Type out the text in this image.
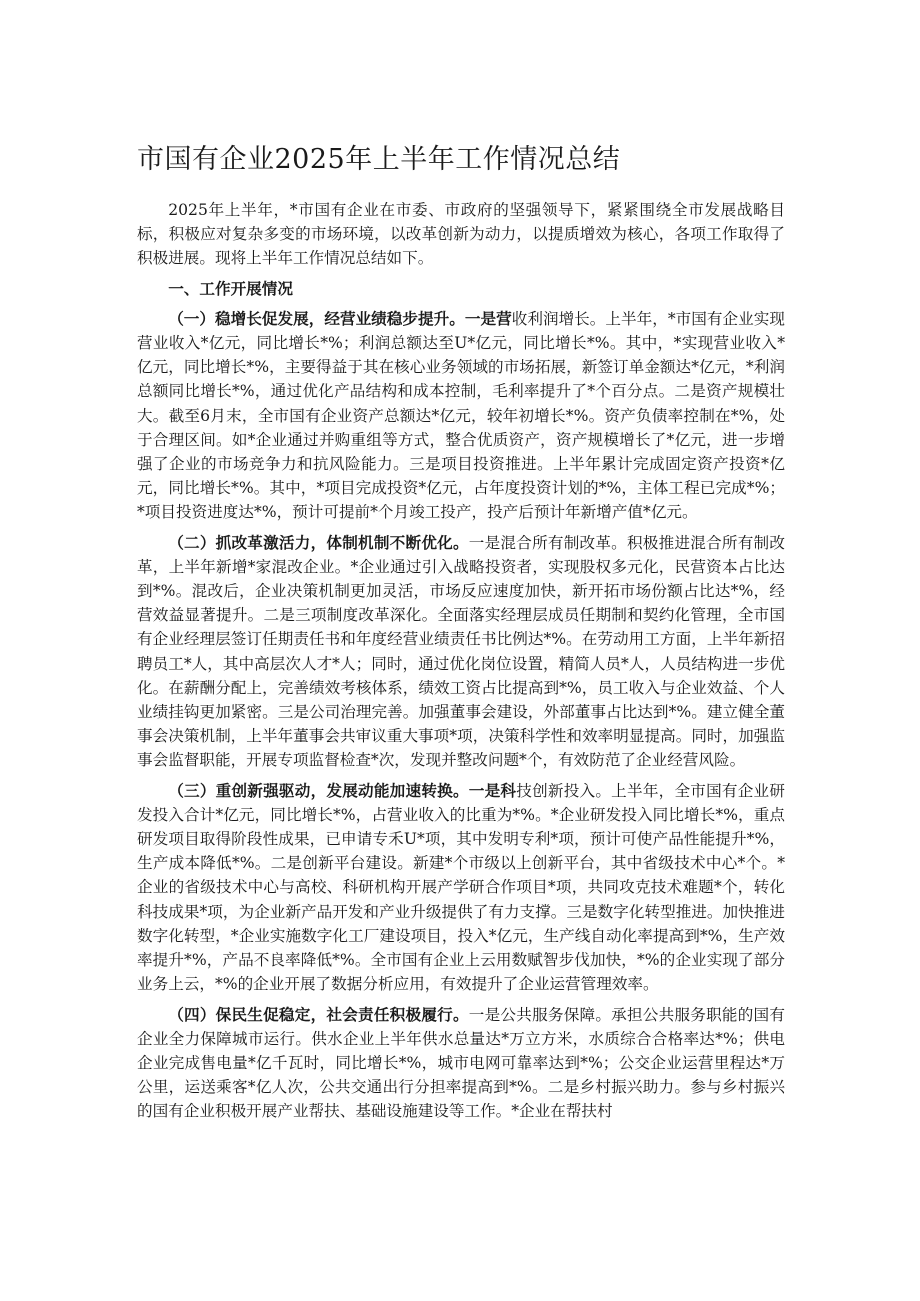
市国有企业2025年上半年工作情况总结

2025年上半年，*市国有企业在市委、市政府的坚强领导下，紧紧围绕全市发展战略目标，积极应对复杂多变的市场环境，以改革创新为动力，以提质增效为核心，各项工作取得了积极进展。现将上半年工作情况总结如下。

一、工作开展情况

（一）稳增长促发展，经营业绩稳步提升。一是营收利润增长。上半年，*市国有企业实现营业收入*亿元，同比增长*%；利润总额达至U*亿元，同比增长*%。其中，*实现营业收入*亿元，同比增长*%，主要得益于其在核心业务领域的市场拓展，新签订单金额达*亿元，*利润总额同比增长*%，通过优化产品结构和成本控制，毛利率提升了*个百分点。二是资产规模壮大。截至6月末，全市国有企业资产总额达*亿元，较年初增长*%。资产负债率控制在*%，处于合理区间。如*企业通过并购重组等方式，整合优质资产，资产规模增长了*亿元，进一步增强了企业的市场竞争力和抗风险能力。三是项目投资推进。上半年累计完成固定资产投资*亿元，同比增长*%。其中，*项目完成投资*亿元，占年度投资计划的*%，主体工程已完成*%；*项目投资进度达*%，预计可提前*个月竣工投产，投产后预计年新增产值*亿元。

（二）抓改革激活力，体制机制不断优化。一是混合所有制改革。积极推进混合所有制改革，上半年新增*家混改企业。*企业通过引入战略投资者，实现股权多元化，民营资本占比达到*%。混改后，企业决策机制更加灵活，市场反应速度加快，新开拓市场份额占比达*%，经营效益显著提升。二是三项制度改革深化。全面落实经理层成员任期制和契约化管理，全市国有企业经理层签订任期责任书和年度经营业绩责任书比例达*%。在劳动用工方面，上半年新招聘员工*人，其中高层次人才*人；同时，通过优化岗位设置，精简人员*人，人员结构进一步优化。在薪酬分配上，完善绩效考核体系，绩效工资占比提高到*%，员工收入与企业效益、个人业绩挂钩更加紧密。三是公司治理完善。加强董事会建设，外部董事占比达到*%。建立健全董事会决策机制，上半年董事会共审议重大事项*项，决策科学性和效率明显提高。同时，加强监事会监督职能，开展专项监督检查*次，发现并整改问题*个，有效防范了企业经营风险。

（三）重创新强驱动，发展动能加速转换。一是科技创新投入。上半年，全市国有企业研发投入合计*亿元，同比增长*%，占营业收入的比重为*%。*企业研发投入同比增长*%，重点研发项目取得阶段性成果，已申请专禾U*项，其中发明专利*项，预计可使产品性能提升*%，生产成本降低*%。二是创新平台建设。新建*个市级以上创新平台，其中省级技术中心*个。*企业的省级技术中心与高校、科研机构开展产学研合作项目*项，共同攻克技术难题*个，转化科技成果*项，为企业新产品开发和产业升级提供了有力支撑。三是数字化转型推进。加快推进数字化转型，*企业实施数字化工厂建设项目，投入*亿元，生产线自动化率提高到*%，生产效率提升*%，产品不良率降低*%。全市国有企业上云用数赋智步伐加快，*%的企业实现了部分业务上云，*%的企业开展了数据分析应用，有效提升了企业运营管理效率。

（四）保民生促稳定，社会责任积极履行。一是公共服务保障。承担公共服务职能的国有企业全力保障城市运行。供水企业上半年供水总量达*万立方米，水质综合合格率达*%；供电企业完成售电量*亿千瓦时，同比增长*%，城市电网可靠率达到*%；公交企业运营里程达*万公里，运送乘客*亿人次，公共交通出行分担率提高到*%。二是乡村振兴助力。参与乡村振兴的国有企业积极开展产业帮扶、基础设施建设等工作。*企业在帮扶村
